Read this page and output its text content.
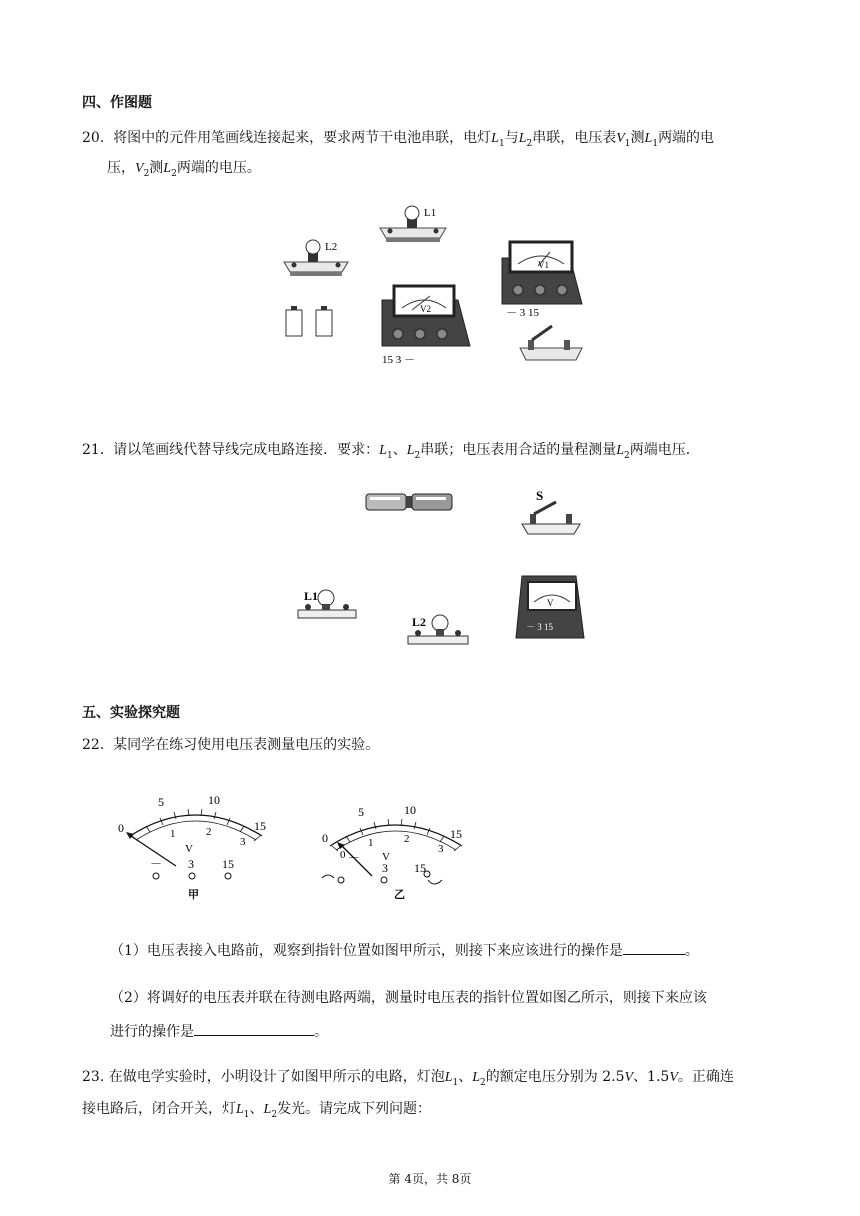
四、作图题
20. 将图中的元件用笔画线连接起来，要求两节干电池串联，电灯$L_1$与$L_2$串联，电压表$V_1$测$L_1$两端的电
压，$V_2$测$L_2$两端的电压。
L1
L2
V2
15 3 －
V1
－ 3 15
21. 请以笔画线代替导线完成电路连接．要求：$L_1$、$L_2$串联；电压表用合适的量程测量$L_2$两端电压．
S
L1
L2
V
－ 3 15
五、实验探究题
22. 某同学在练习使用电压表测量电压的实验。
0
5	10
15
1	2
3
V
－ 3 15
甲
0
5	10
15
0
1	2
3
V
－
3 15
乙
（1）电压表接入电路前，观察到指针位置如图甲所示，则接下来应该进行的操作是	。
（2）将调好的电压表并联在待测电路两端，测量时电压表的指针位置如图乙所示，则接下来应该
进行的操作是	。
23. 在做电学实验时，小明设计了如图甲所示的电路，灯泡$L_1$、$L_2$的额定电压分别为 2.5V、1.5V。正确连
接电路后，闭合开关，灯$L_1$、$L_2$发光。请完成下列问题：
第 4页，共 8页
